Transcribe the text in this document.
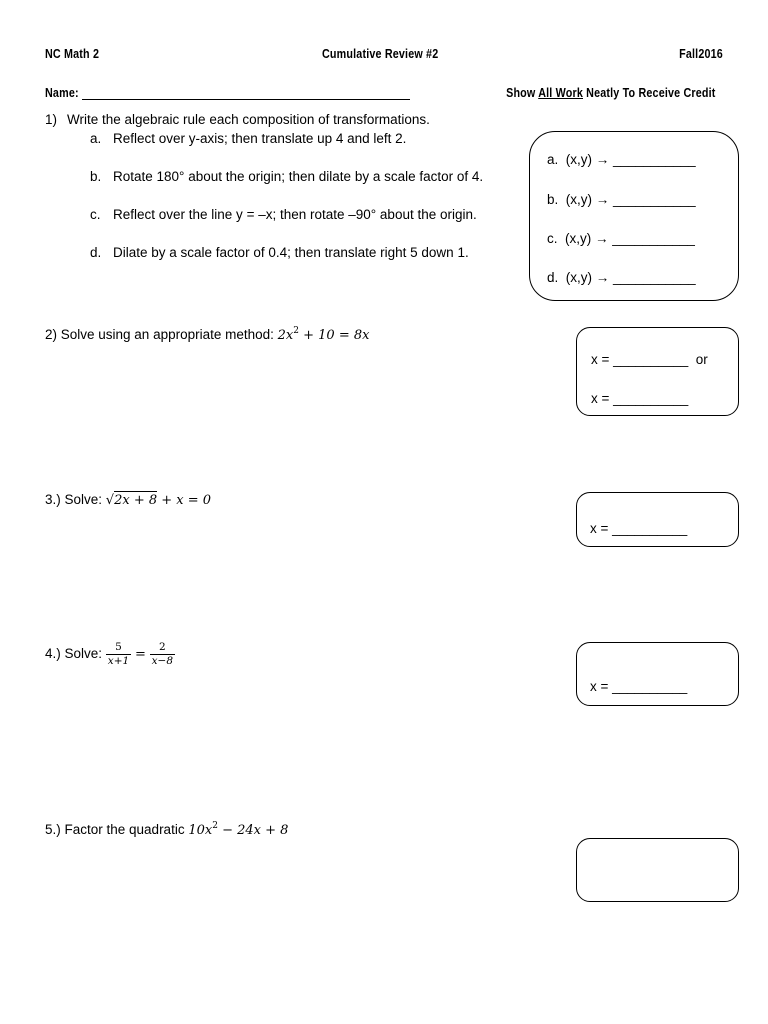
NC Math 2	Cumulative Review #2	Fall2016
Name:	Show All Work Neatly To Receive Credit
1) Write the algebraic rule each composition of transformations.
a. Reflect over y-axis; then translate up 4 and left 2.
b. Rotate 180° about the origin; then dilate by a scale factor of 4.
c. Reflect over the line y = –x; then rotate –90° about the origin.
d. Dilate by a scale factor of 0.4; then translate right 5 down 1.
a. (x,y) → ___________
b. (x,y) → ___________
c. (x,y) → ___________
d. (x,y) → ___________
2) Solve using an appropriate method: $2x^2 + 10 = 8x$
x = __________ or
x = __________
3.) Solve: √2x + 8 + x = 0
x = __________
4.) Solve: $\frac{5}{x+1} = \frac{2}{x-8}$
x = __________
5.) Factor the quadratic $10x^2 - 24x + 8$
